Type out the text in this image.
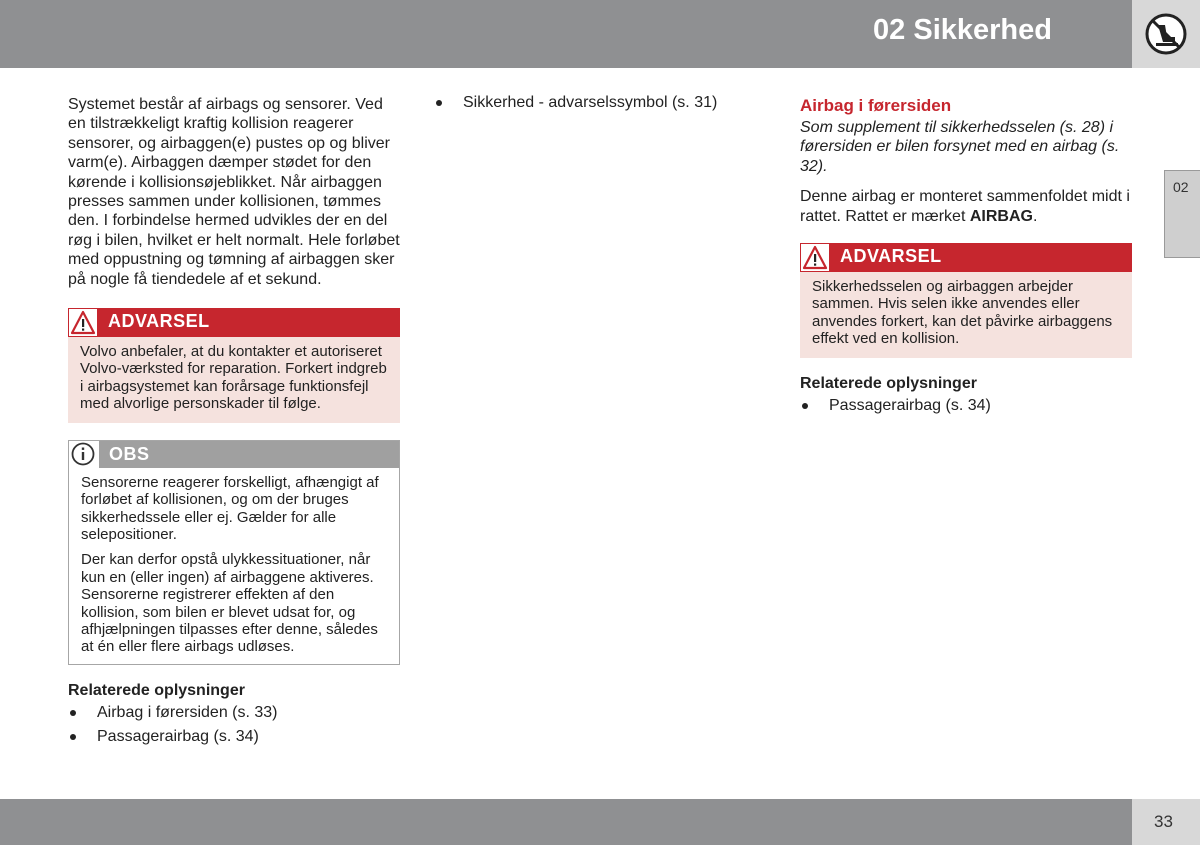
02 Sikkerhed
02
33

Systemet består af airbags og sensorer. Ved en tilstrækkeligt kraftig kollision reagerer sensorer, og airbaggen(e) pustes op og bliver varm(e). Airbaggen dæmper stødet for den kørende i kollisionsøjeblikket. Når airbaggen presses sammen under kollisionen, tømmes den. I forbindelse hermed udvikles der en del røg i bilen, hvilket er helt normalt. Hele forløbet med oppustning og tømning af airbaggen sker på nogle få tiendedele af et sekund.

ADVARSEL
Volvo anbefaler, at du kontakter et autoriseret Volvo-værksted for reparation. Forkert indgreb i airbagsystemet kan forårsage funktionsfejl med alvorlige personskader til følge.
OBS

Sensorerne reagerer forskelligt, afhængigt af forløbet af kollisionen, og om der bruges sikkerhedssele eller ej. Gælder for alle selepositioner.

Der kan derfor opstå ulykkessituationer, når kun en (eller ingen) af airbaggene aktiveres. Sensorerne registrerer effekten af den kollision, som bilen er blevet udsat for, og afhjælpningen tilpasses efter denne, således at én eller flere airbags udløses.

Relaterede oplysninger
Airbag i førersiden (s. 33)
Passagerairbag (s. 34)
Sikkerhed - advarselssymbol (s. 31)	Airbag i førersiden

Som supplement til sikkerhedsselen (s. 28) i førersiden er bilen forsynet med en airbag (s. 32).

Denne airbag er monteret sammenfoldet midt i rattet. Rattet er mærket AIRBAG.

ADVARSEL
Sikkerhedsselen og airbaggen arbejder sammen. Hvis selen ikke anvendes eller anvendes forkert, kan det påvirke airbaggens effekt ved en kollision.
Relaterede oplysninger
Passagerairbag (s. 34)
